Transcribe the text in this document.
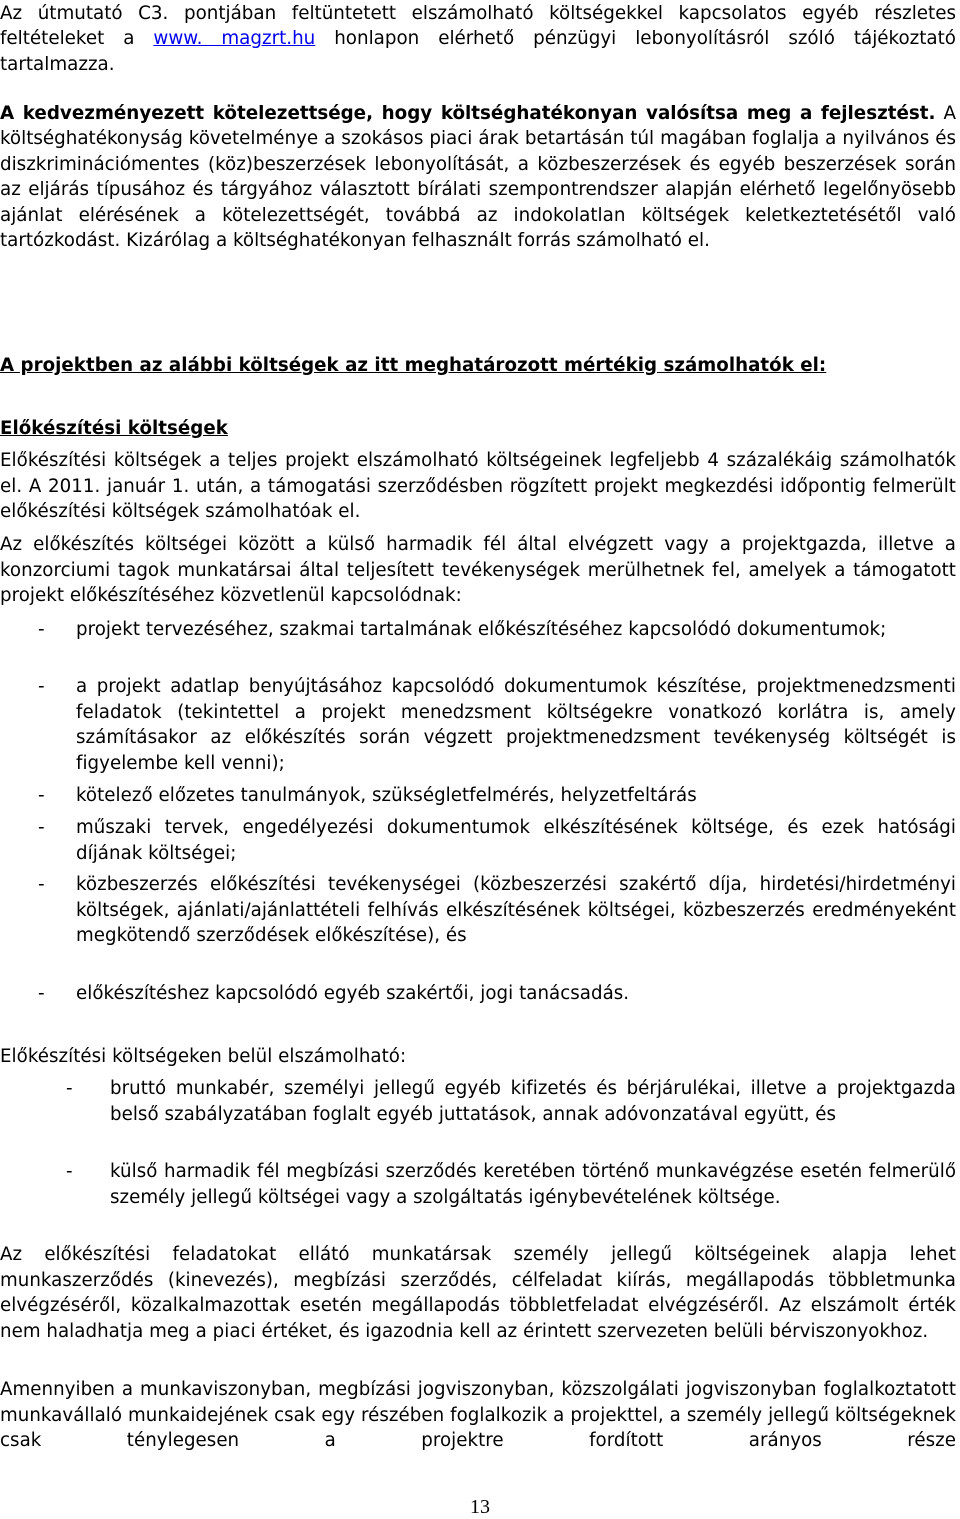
Az útmutató C3. pontjában feltüntetett elszámolható költségekkel kapcsolatos egyéb részletes feltételeket a www. magzrt.hu honlapon elérhető pénzügyi lebonyolításról szóló tájékoztató tartalmazza.

A kedvezményezett kötelezettsége, hogy költséghatékonyan valósítsa meg a fejlesztést. A költséghatékonyság követelménye a szokásos piaci árak betartásán túl magában foglalja a nyilvános és diszkriminációmentes (köz)beszerzések lebonyolítását, a közbeszerzések és egyéb beszerzések során az eljárás típusához és tárgyához választott bírálati szempontrendszer alapján elérhető legelőnyösebb ajánlat elérésének a kötelezettségét, továbbá az indokolatlan költségek keletkeztetésétől való tartózkodást. Kizárólag a költséghatékonyan felhasznált forrás számolható el.

A projektben az alábbi költségek az itt meghatározott mértékig számolhatók el:

Előkészítési költségek

Előkészítési költségek a teljes projekt elszámolható költségeinek legfeljebb 4 százalékáig számolhatók el. A 2011. január 1. után, a támogatási szerződésben rögzített projekt megkezdési időpontig felmerült előkészítési költségek számolhatóak el.

Az előkészítés költségei között a külső harmadik fél által elvégzett vagy a projektgazda, illetve a konzorciumi tagok munkatársai által teljesített tevékenységek merülhetnek fel, amelyek a támogatott projekt előkészítéséhez közvetlenül kapcsolódnak:

- projekt tervezéséhez, szakmai tartalmának előkészítéséhez kapcsolódó dokumentumok;

- a projekt adatlap benyújtásához kapcsolódó dokumentumok készítése, projektmenedzsmenti feladatok (tekintettel a projekt menedzsment költségekre vonatkozó korlátra is, amely számításakor az előkészítés során végzett projektmenedzsment tevékenység költségét is figyelembe kell venni);

- kötelező előzetes tanulmányok, szükségletfelmérés, helyzetfeltárás

- műszaki tervek, engedélyezési dokumentumok elkészítésének költsége, és ezek hatósági díjának költségei;

- közbeszerzés előkészítési tevékenységei (közbeszerzési szakértő díja, hirdetési/hirdetményi költségek, ajánlati/ajánlattételi felhívás elkészítésének költségei, közbeszerzés eredményeként megkötendő szerződések előkészítése), és

- előkészítéshez kapcsolódó egyéb szakértői, jogi tanácsadás.

Előkészítési költségeken belül elszámolható:

- bruttó munkabér, személyi jellegű egyéb kifizetés és bérjárulékai, illetve a projektgazda belső szabályzatában foglalt egyéb juttatások, annak adóvonzatával együtt, és

- külső harmadik fél megbízási szerződés keretében történő munkavégzése esetén felmerülő személy jellegű költségei vagy a szolgáltatás igénybevételének költsége.

Az előkészítési feladatokat ellátó munkatársak személy jellegű költségeinek alapja lehet munkaszerződés (kinevezés), megbízási szerződés, célfeladat kiírás, megállapodás többletmunka elvégzéséről, közalkalmazottak esetén megállapodás többletfeladat elvégzéséről. Az elszámolt érték nem haladhatja meg a piaci értéket, és igazodnia kell az érintett szervezeten belüli bérviszonyokhoz.

Amennyiben a munkaviszonyban, megbízási jogviszonyban, közszolgálati jogviszonyban foglalkoztatott munkavállaló munkaidejének csak egy részében foglalkozik a projekttel, a személy jellegű költségeknek csak ténylegesen a projektre fordított arányos része

13
